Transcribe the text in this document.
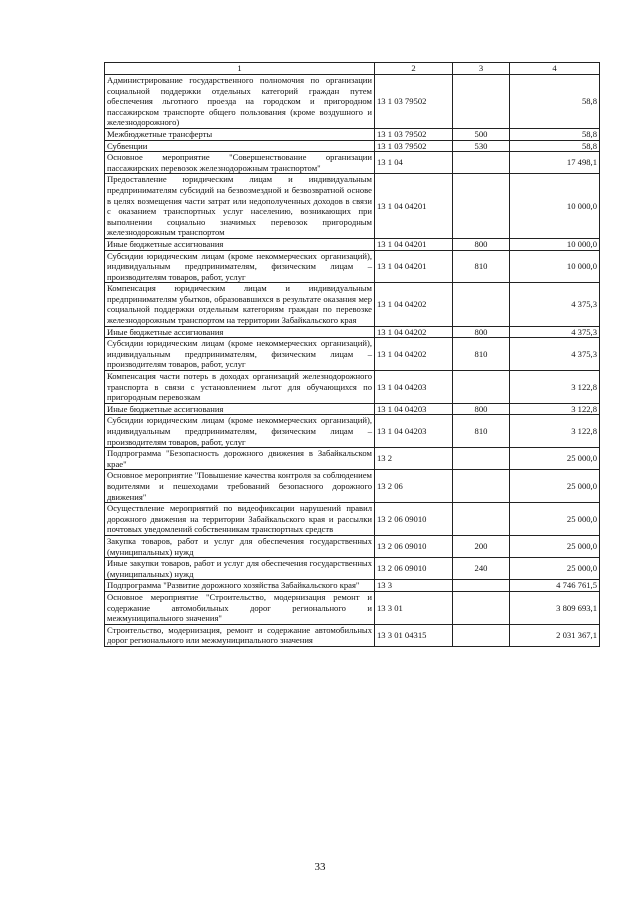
1	2	3	4
Администрирование государственного полномочия по организации социальной поддержки отдельных категорий граждан путем обеспечения льготного проезда на городском и пригородном пассажирском транспорте общего пользования (кроме воздушного и железнодорожного)	13 1 03 79502		58,8
Межбюджетные трансферты	13 1 03 79502	500	58,8
Субвенции	13 1 03 79502	530	58,8
Основное мероприятие "Совершенствование организации пассажирских перевозок железнодорожным транспортом"	13 1 04		17 498,1
Предоставление юридическим лицам и индивидуальным предпринимателям субсидий на безвозмездной и безвозвратной основе в целях возмещения части затрат или недополученных доходов в связи с оказанием транспортных услуг населению, возникающих при выполнении социально значимых перевозок пригородным железнодорожным транспортом	13 1 04 04201		10 000,0
Иные бюджетные ассигнования	13 1 04 04201	800	10 000,0
Субсидии юридическим лицам (кроме некоммерческих организаций), индивидуальным предпринимателям, физическим лицам – производителям товаров, работ, услуг	13 1 04 04201	810	10 000,0
Компенсация юридическим лицам и индивидуальным предпринимателям убытков, образовавшихся в результате оказания мер социальной поддержки отдельным категориям граждан по перевозке железнодорожным транспортом на территории Забайкальского края	13 1 04 04202		4 375,3
Иные бюджетные ассигнования	13 1 04 04202	800	4 375,3
Субсидии юридическим лицам (кроме некоммерческих организаций), индивидуальным предпринимателям, физическим лицам – производителям товаров, работ, услуг	13 1 04 04202	810	4 375,3
Компенсация части потерь в доходах организаций железнодорожного транспорта в связи с установлением льгот для обучающихся по пригородным перевозкам	13 1 04 04203		3 122,8
Иные бюджетные ассигнования	13 1 04 04203	800	3 122,8
Субсидии юридическим лицам (кроме некоммерческих организаций), индивидуальным предпринимателям, физическим лицам – производителям товаров, работ, услуг	13 1 04 04203	810	3 122,8
Подпрограмма "Безопасность дорожного движения в Забайкальском крае"	13 2		25 000,0
Основное мероприятие "Повышение качества контроля за соблюдением водителями и пешеходами требований безопасного дорожного движения"	13 2 06		25 000,0
Осуществление мероприятий по видеофиксации нарушений правил дорожного движения на территории Забайкальского края и рассылки почтовых уведомлений собственникам транспортных средств	13 2 06 09010		25 000,0
Закупка товаров, работ и услуг для обеспечения государственных (муниципальных) нужд	13 2 06 09010	200	25 000,0
Иные закупки товаров, работ и услуг для обеспечения государственных (муниципальных) нужд	13 2 06 09010	240	25 000,0
Подпрограмма "Развитие дорожного хозяйства Забайкальского края"	13 3		4 746 761,5
Основное мероприятие "Строительство, модернизация ремонт и содержание автомобильных дорог регионального и межмуниципального значения"	13 3 01		3 809 693,1
Строительство, модернизация, ремонт и содержание автомобильных дорог регионального или межмуниципального значения	13 3 01 04315		2 031 367,1
33
